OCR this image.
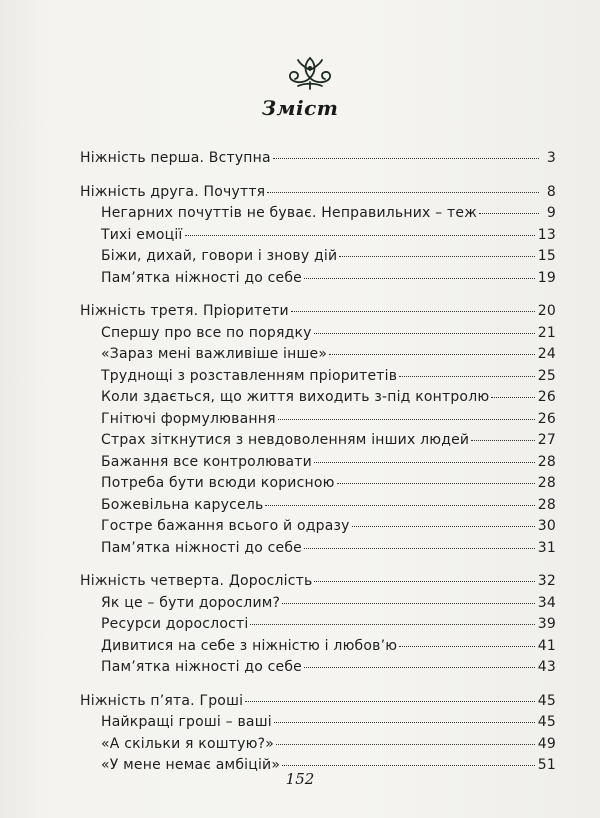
Зміст
Ніжність перша. Вступна	3
Ніжність друга. Почуття	8
Негарних почуттів не буває. Неправильних – теж	9
Тихі емоції	13
Біжи, дихай, говори і знову дій	15
Пам’ятка ніжності до себе	19
Ніжність третя. Пріоритети	20
Спершу про все по порядку	21
«Зараз мені важливіше інше»	24
Труднощі з розставленням пріоритетів	25
Коли здається, що життя виходить з-під контролю	26
Гнітючі формулювання	26
Страх зіткнутися з невдоволенням інших людей	27
Бажання все контролювати	28
Потреба бути всюди корисною	28
Божевільна карусель	28
Гостре бажання всього й одразу	30
Пам’ятка ніжності до себе	31
Ніжність четверта. Дорослість	32
Як це – бути дорослим?	34
Ресурси дорослості	39
Дивитися на себе з ніжністю і любов’ю	41
Пам’ятка ніжності до себе	43
Ніжність п’ята. Гроші	45
Найкращі гроші – ваші	45
«А скільки я коштую?»	49
«У мене немає амбіцій»	51
152
